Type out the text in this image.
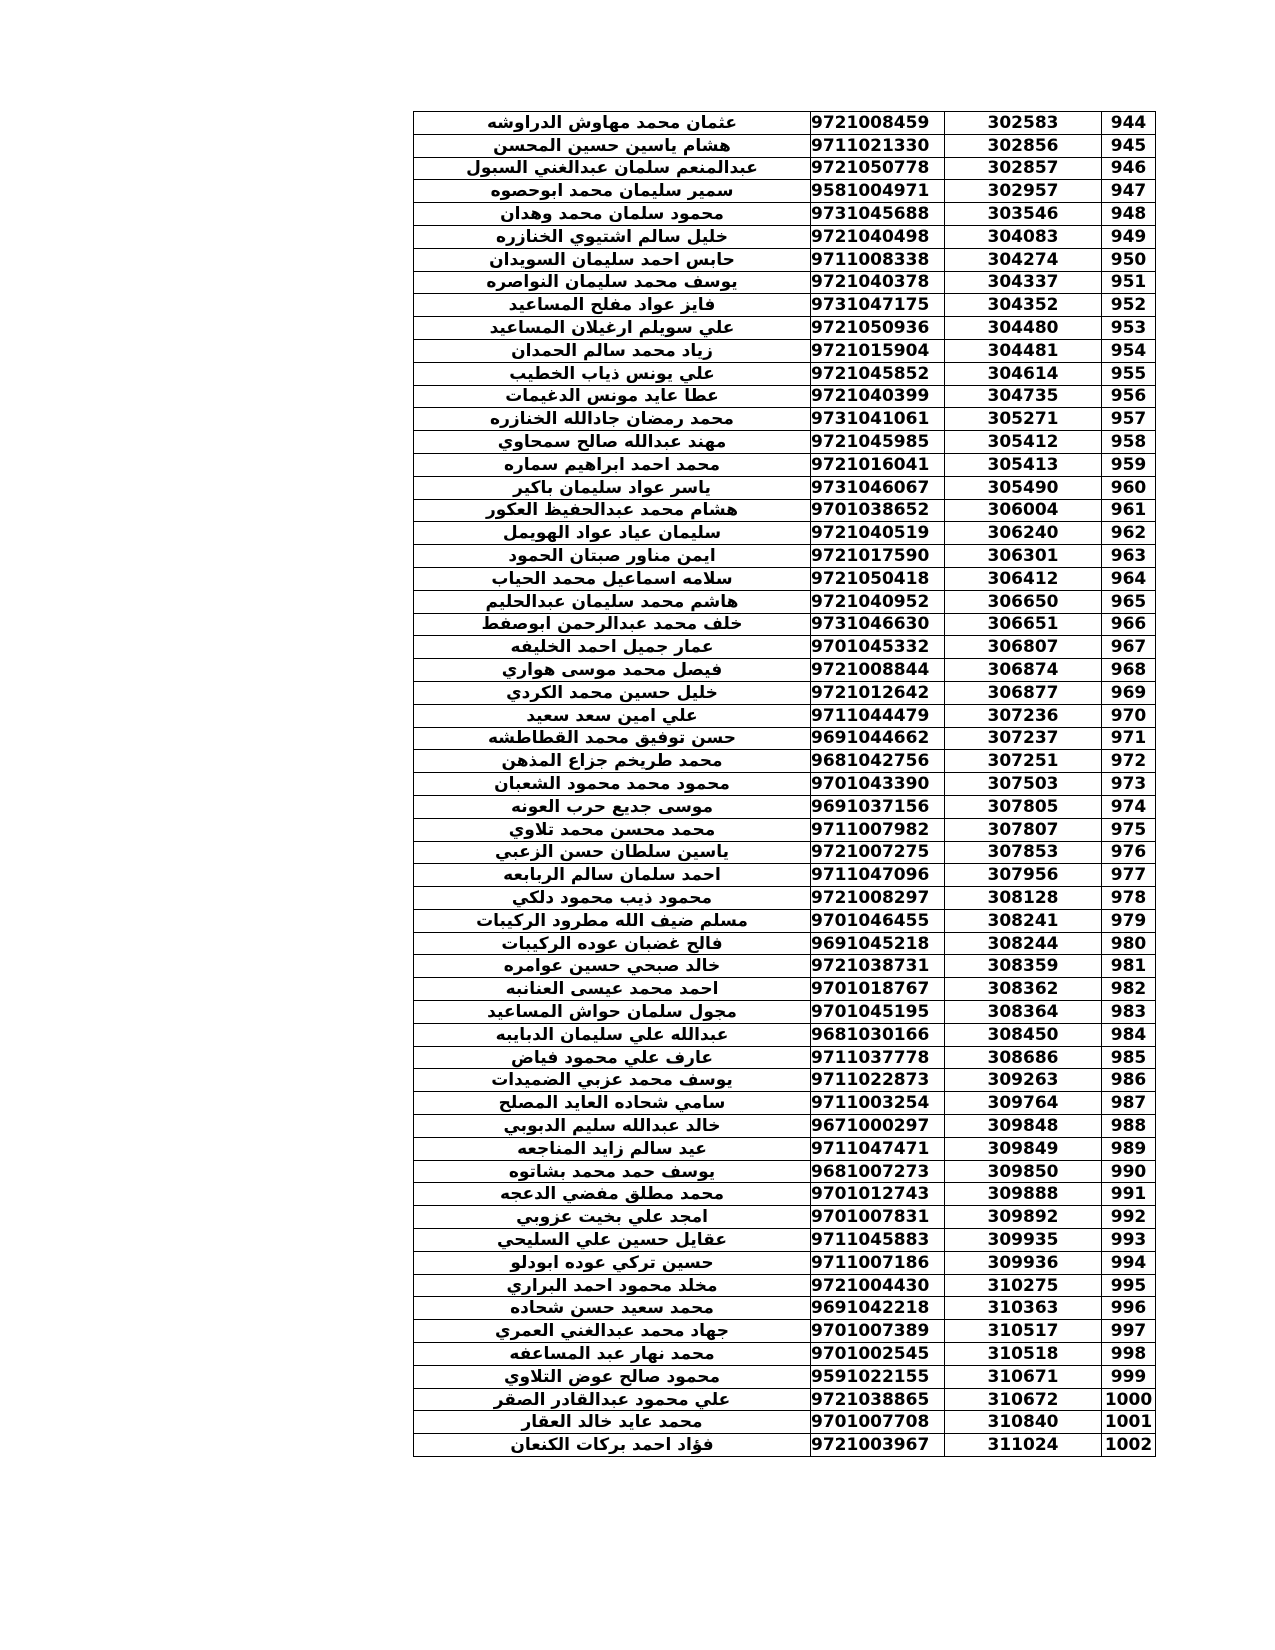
عثمان محمد مهاوش الدراوشه	9721008459	302583	944
هشام ياسين حسين المحسن	9711021330	302856	945
عبدالمنعم سلمان عبدالغني السبول	9721050778	302857	946
سمير سليمان محمد ابوحصوه	9581004971	302957	947
محمود سلمان محمد وهدان	9731045688	303546	948
خليل سالم اشتيوي الخنازره	9721040498	304083	949
حابس احمد سليمان السويدان	9711008338	304274	950
يوسف محمد سليمان النواصره	9721040378	304337	951
فايز عواد مفلح المساعيد	9731047175	304352	952
علي سويلم ارغيلان المساعيد	9721050936	304480	953
زياد محمد سالم الحمدان	9721015904	304481	954
علي يونس ذياب الخطيب	9721045852	304614	955
عطا عايد مونس الدغيمات	9721040399	304735	956
محمد رمضان جادالله الخنازره	9731041061	305271	957
مهند عبدالله صالح سمحاوي	9721045985	305412	958
محمد احمد ابراهيم سماره	9721016041	305413	959
ياسر عواد سليمان باكير	9731046067	305490	960
هشام محمد عبدالحفيظ العكور	9701038652	306004	961
سليمان عياد عواد الهويمل	9721040519	306240	962
ايمن مناور صبتان الحمود	9721017590	306301	963
سلامه اسماعيل محمد الحياب	9721050418	306412	964
هاشم محمد سليمان عبدالحليم	9721040952	306650	965
خلف محمد عبدالرحمن ابوصفط	9731046630	306651	966
عمار جميل احمد الخليفه	9701045332	306807	967
فيصل محمد موسى هواري	9721008844	306874	968
خليل حسين محمد الكردي	9721012642	306877	969
علي امين سعد سعيد	9711044479	307236	970
حسن توفيق محمد القطاطشه	9691044662	307237	971
محمد طريخم جزاع المذهن	9681042756	307251	972
محمود محمد محمود الشعبان	9701043390	307503	973
موسى جديع حرب العونه	9691037156	307805	974
محمد محسن محمد تلاوي	9711007982	307807	975
ياسين سلطان حسن الزعبي	9721007275	307853	976
احمد سلمان سالم الربابعه	9711047096	307956	977
محمود ذيب محمود دلكي	9721008297	308128	978
مسلم ضيف الله مطرود الركيبات	9701046455	308241	979
فالح غضبان عوده الركيبات	9691045218	308244	980
خالد صبحي حسين عوامره	9721038731	308359	981
احمد محمد عيسى العنانبه	9701018767	308362	982
مجول سلمان حواش المساعيد	9701045195	308364	983
عبدالله علي سليمان الدبايبه	9681030166	308450	984
عارف علي محمود فياض	9711037778	308686	985
يوسف محمد عزبي الضميدات	9711022873	309263	986
سامي شحاده العايد المصلح	9711003254	309764	987
خالد عبدالله سليم الدبوبي	9671000297	309848	988
عيد سالم زايد المناجعه	9711047471	309849	989
يوسف حمد محمد بشاتوه	9681007273	309850	990
محمد مطلق مفضي الدعجه	9701012743	309888	991
امجد علي بخيت عزوبي	9701007831	309892	992
عقايل حسين علي السليحي	9711045883	309935	993
حسين تركي عوده ابودلو	9711007186	309936	994
مخلد محمود احمد البراري	9721004430	310275	995
محمد سعيد حسن شحاده	9691042218	310363	996
جهاد محمد عبدالغني العمري	9701007389	310517	997
محمد نهار عبد المساعفه	9701002545	310518	998
محمود صالح عوض التلاوي	9591022155	310671	999
علي محمود عبدالقادر الصقر	9721038865	310672	1000
محمد عايد خالد العقار	9701007708	310840	1001
فؤاد احمد بركات الكنعان	9721003967	311024	1002
